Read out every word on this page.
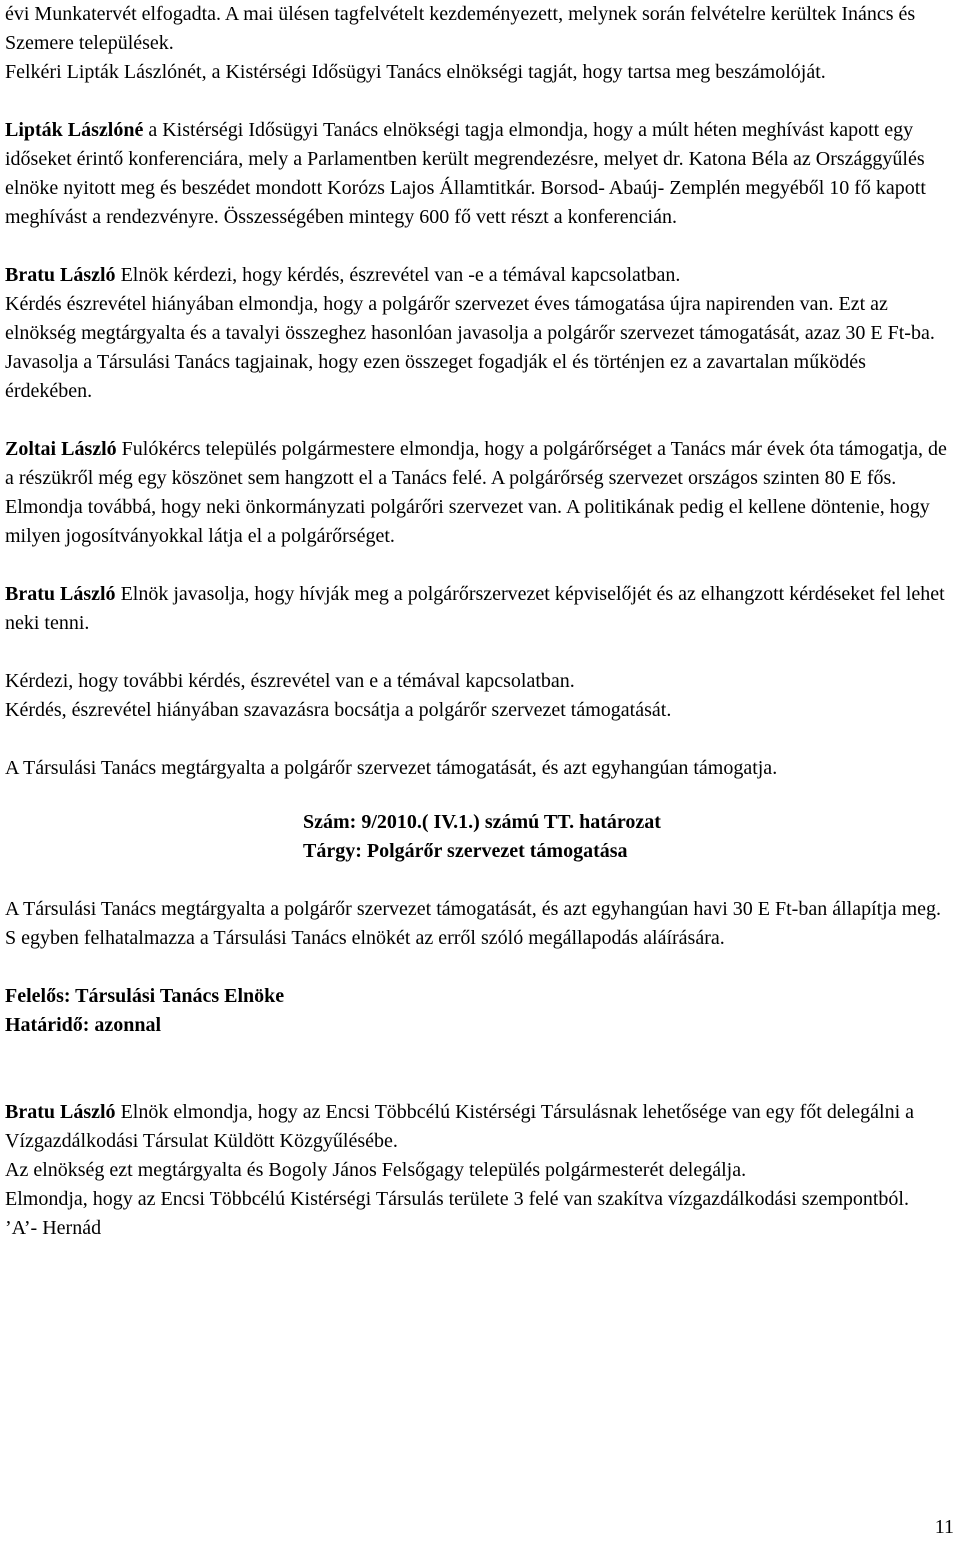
évi Munkatervét elfogadta. A mai ülésen tagfelvételt kezdeményezett, melynek során felvételre kerültek Ináncs és Szemere települések.

Felkéri Lipták Lászlónét, a Kistérségi Idősügyi Tanács elnökségi tagját, hogy tartsa meg beszámolóját.

Lipták Lászlóné a Kistérségi Idősügyi Tanács elnökségi tagja elmondja, hogy a múlt héten meghívást kapott egy időseket érintő konferenciára, mely a Parlamentben került megrendezésre, melyet dr. Katona Béla az Országgyűlés elnöke nyitott meg és beszédet mondott Korózs Lajos Államtitkár. Borsod- Abaúj- Zemplén megyéből 10 fő kapott meghívást a rendezvényre. Összességében mintegy 600 fő vett részt a konferencián.

Bratu László Elnök kérdezi, hogy kérdés, észrevétel van -e a témával kapcsolatban.

Kérdés észrevétel hiányában elmondja, hogy a polgárőr szervezet éves támogatása újra napirenden van. Ezt az elnökség megtárgyalta és a tavalyi összeghez hasonlóan javasolja a polgárőr szervezet támogatását, azaz 30 E Ft-ba.

Javasolja a Társulási Tanács tagjainak, hogy ezen összeget fogadják el és történjen ez a zavartalan működés érdekében.

Zoltai László Fulókércs település polgármestere elmondja, hogy a polgárőrséget a Tanács már évek óta támogatja, de a részükről még egy köszönet sem hangzott el a Tanács felé. A polgárőrség szervezet országos szinten 80 E fős.

Elmondja továbbá, hogy neki önkormányzati polgárőri szervezet van. A politikának pedig el kellene döntenie, hogy milyen jogosítványokkal látja el a polgárőrséget.

Bratu László Elnök javasolja, hogy hívják meg a polgárőrszervezet képviselőjét és az elhangzott kérdéseket fel lehet neki tenni.

Kérdezi, hogy további kérdés, észrevétel van e a témával kapcsolatban.

Kérdés, észrevétel hiányában szavazásra bocsátja a polgárőr szervezet támogatását.

A Társulási Tanács megtárgyalta a polgárőr szervezet támogatását, és azt egyhangúan támogatja.

Szám: 9/2010.( IV.1.) számú TT. határozat
Tárgy: Polgárőr szervezet támogatása

A Társulási Tanács megtárgyalta a polgárőr szervezet támogatását, és azt egyhangúan havi 30 E Ft-ban állapítja meg.

S egyben felhatalmazza a Társulási Tanács elnökét az erről szóló megállapodás aláírására.

Felelős: Társulási Tanács Elnöke
Határidő: azonnal

Bratu László Elnök elmondja, hogy az Encsi Többcélú Kistérségi Társulásnak lehetősége van egy főt delegálni a Vízgazdálkodási Társulat Küldött Közgyűlésébe.

Az elnökség ezt megtárgyalta és Bogoly János Felsőgagy település polgármesterét delegálja.

Elmondja, hogy az Encsi Többcélú Kistérségi Társulás területe 3 felé van szakítva vízgazdálkodási szempontból.

’A’- Hernád

11
